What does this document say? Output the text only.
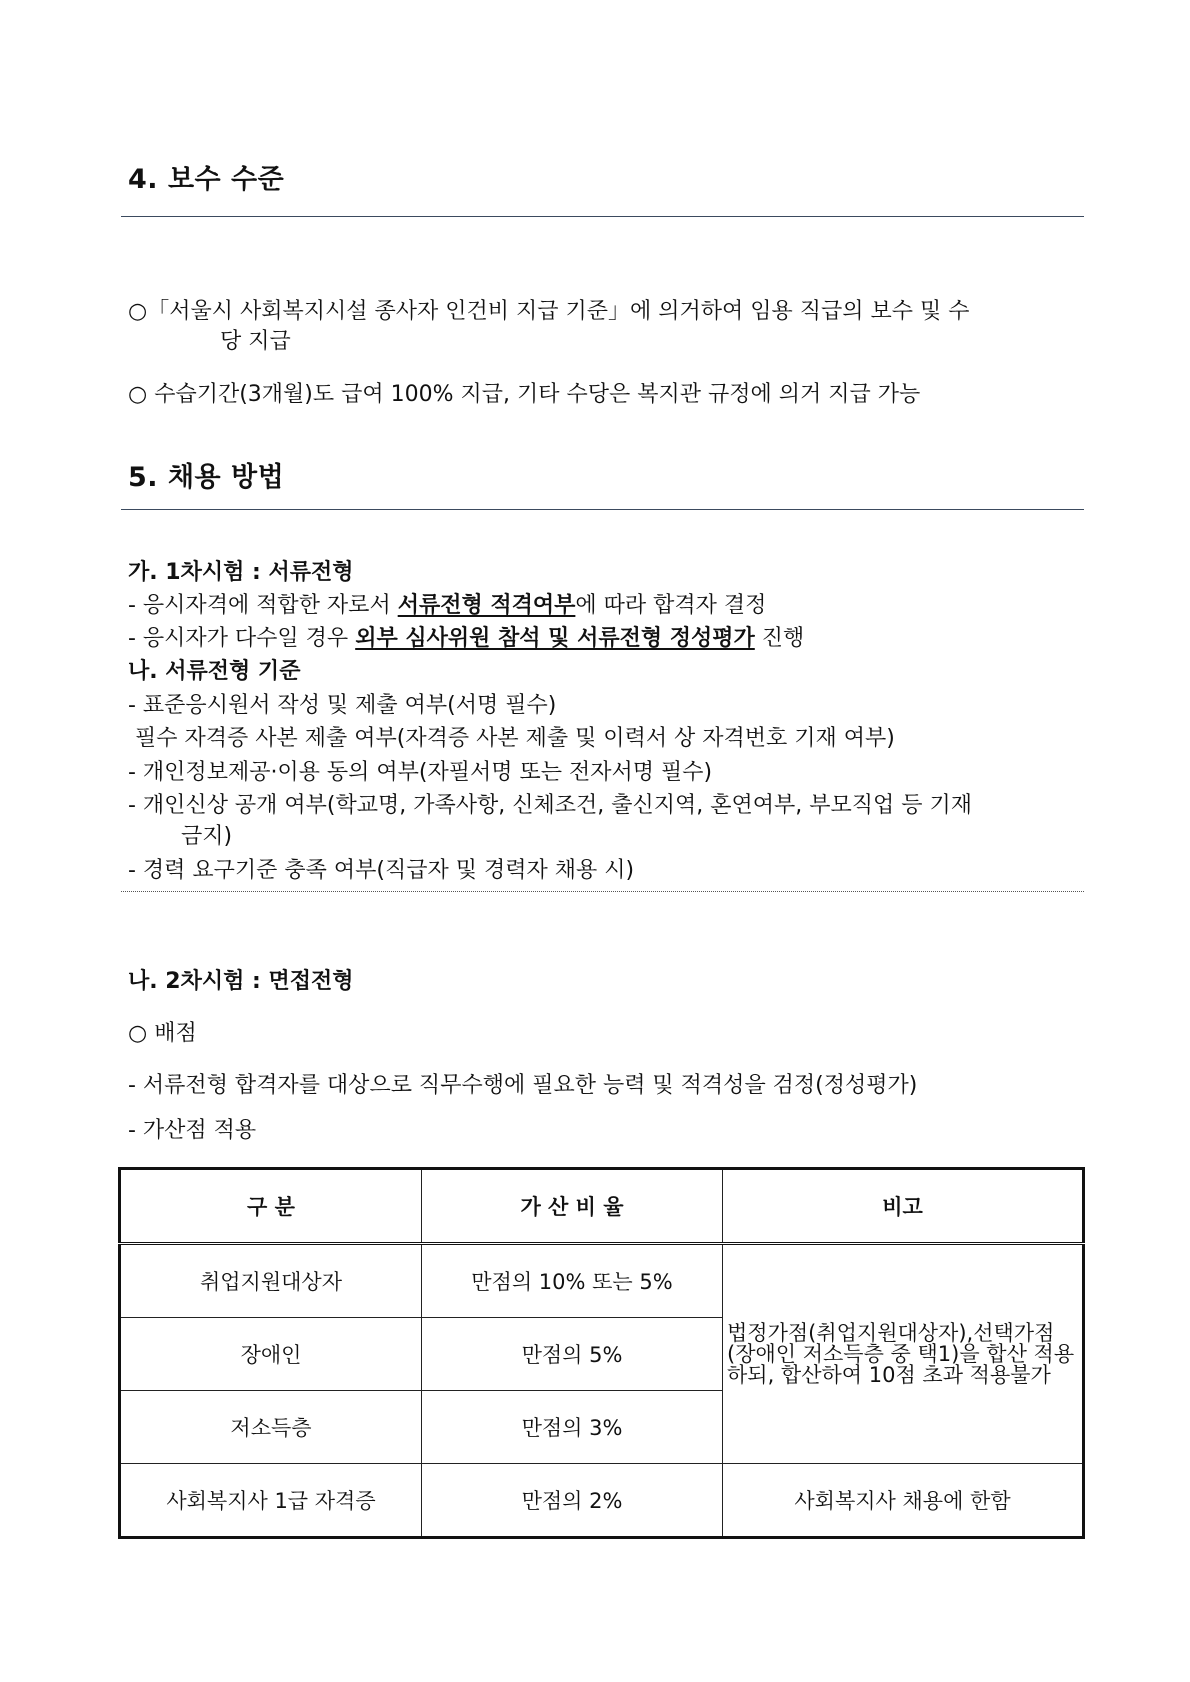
4. 보수 수준
○「서울시 사회복지시설 종사자 인건비 지급 기준」에 의거하여 임용 직급의 보수 및 수
당 지급
○ 수습기간(3개월)도 급여 100% 지급, 기타 수당은 복지관 규정에 의거 지급 가능
5. 채용 방법
가. 1차시험 : 서류전형
- 응시자격에 적합한 자로서 서류전형 적격여부에 따라 합격자 결정
- 응시자가 다수일 경우 외부 심사위원 참석 및 서류전형 정성평가 진행
나. 서류전형 기준
- 표준응시원서 작성 및 제출 여부(서명 필수)
필수 자격증 사본 제출 여부(자격증 사본 제출 및 이력서 상 자격번호 기재 여부)
- 개인정보제공·이용 동의 여부(자필서명 또는 전자서명 필수)
- 개인신상 공개 여부(학교명, 가족사항, 신체조건, 출신지역, 혼연여부, 부모직업 등 기재
금지)
- 경력 요구기준 충족 여부(직급자 및 경력자 채용 시)
나. 2차시험 : 면접전형
○ 배점
- 서류전형 합격자를 대상으로 직무수행에 필요한 능력 및 적격성을 검정(정성평가)
- 가산점 적용
구 분	가 산 비 율	비고
취업지원대상자	만점의 10% 또는 5%	법정가점(취업지원대상자),선택가점(장애인 저소득층 중 택1)을 합산 적용하되, 합산하여 10점 초과 적용불가
장애인	만점의 5%	
저소득층	만점의 3%	
사회복지사 1급 자격증	만점의 2%	사회복지사 채용에 한함
